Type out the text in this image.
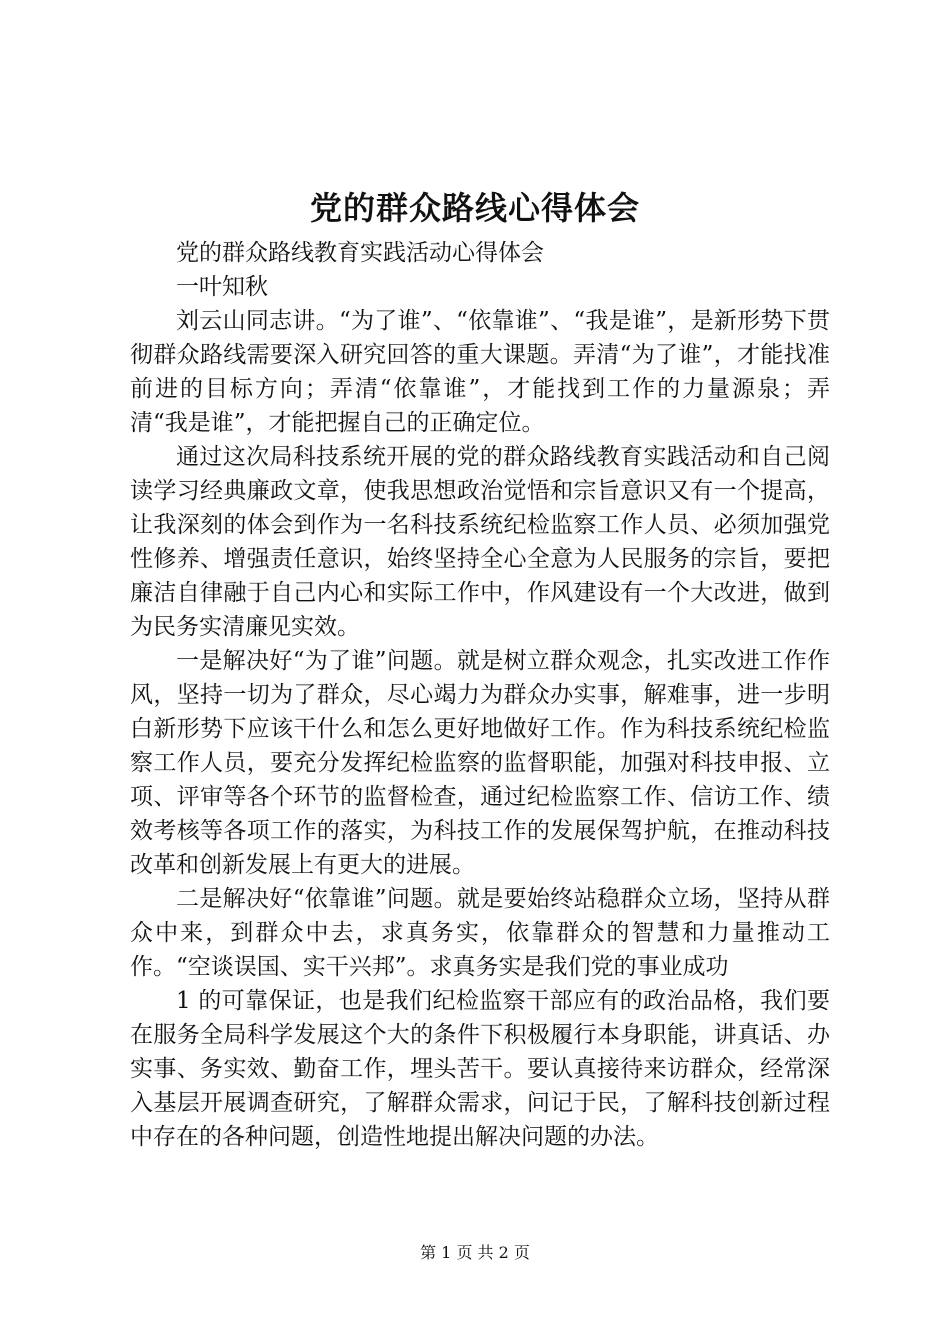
党的群众路线心得体会

党的群众路线教育实践活动心得体会

一叶知秋

刘云山同志讲。“为了谁”、“依靠谁”、“我是谁”，是新形势下贯彻群众路线需要深入研究回答的重大课题。弄清“为了谁”，才能找准前进的目标方向；弄清“依靠谁”，才能找到工作的力量源泉；弄清“我是谁”，才能把握自己的正确定位。

通过这次局科技系统开展的党的群众路线教育实践活动和自己阅读学习经典廉政文章，使我思想政治觉悟和宗旨意识又有一个提高，让我深刻的体会到作为一名科技系统纪检监察工作人员、必须加强党性修养、增强责任意识，始终坚持全心全意为人民服务的宗旨，要把廉洁自律融于自己内心和实际工作中，作风建设有一个大改进，做到为民务实清廉见实效。

一是解决好“为了谁”问题。就是树立群众观念，扎实改进工作作风，坚持一切为了群众，尽心竭力为群众办实事，解难事，进一步明白新形势下应该干什么和怎么更好地做好工作。作为科技系统纪检监察工作人员，要充分发挥纪检监察的监督职能，加强对科技申报、立项、评审等各个环节的监督检查，通过纪检监察工作、信访工作、绩效考核等各项工作的落实，为科技工作的发展保驾护航，在推动科技改革和创新发展上有更大的进展。

二是解决好“依靠谁”问题。就是要始终站稳群众立场，坚持从群众中来，到群众中去，求真务实，依靠群众的智慧和力量推动工作。“空谈误国、实干兴邦”。求真务实是我们党的事业成功

1 的可靠保证，也是我们纪检监察干部应有的政治品格，我们要在服务全局科学发展这个大的条件下积极履行本身职能，讲真话、办实事、务实效、勤奋工作，埋头苦干。要认真接待来访群众，经常深入基层开展调查研究，了解群众需求，问记于民，了解科技创新过程中存在的各种问题，创造性地提出解决问题的办法。

第 1 页 共 2 页
